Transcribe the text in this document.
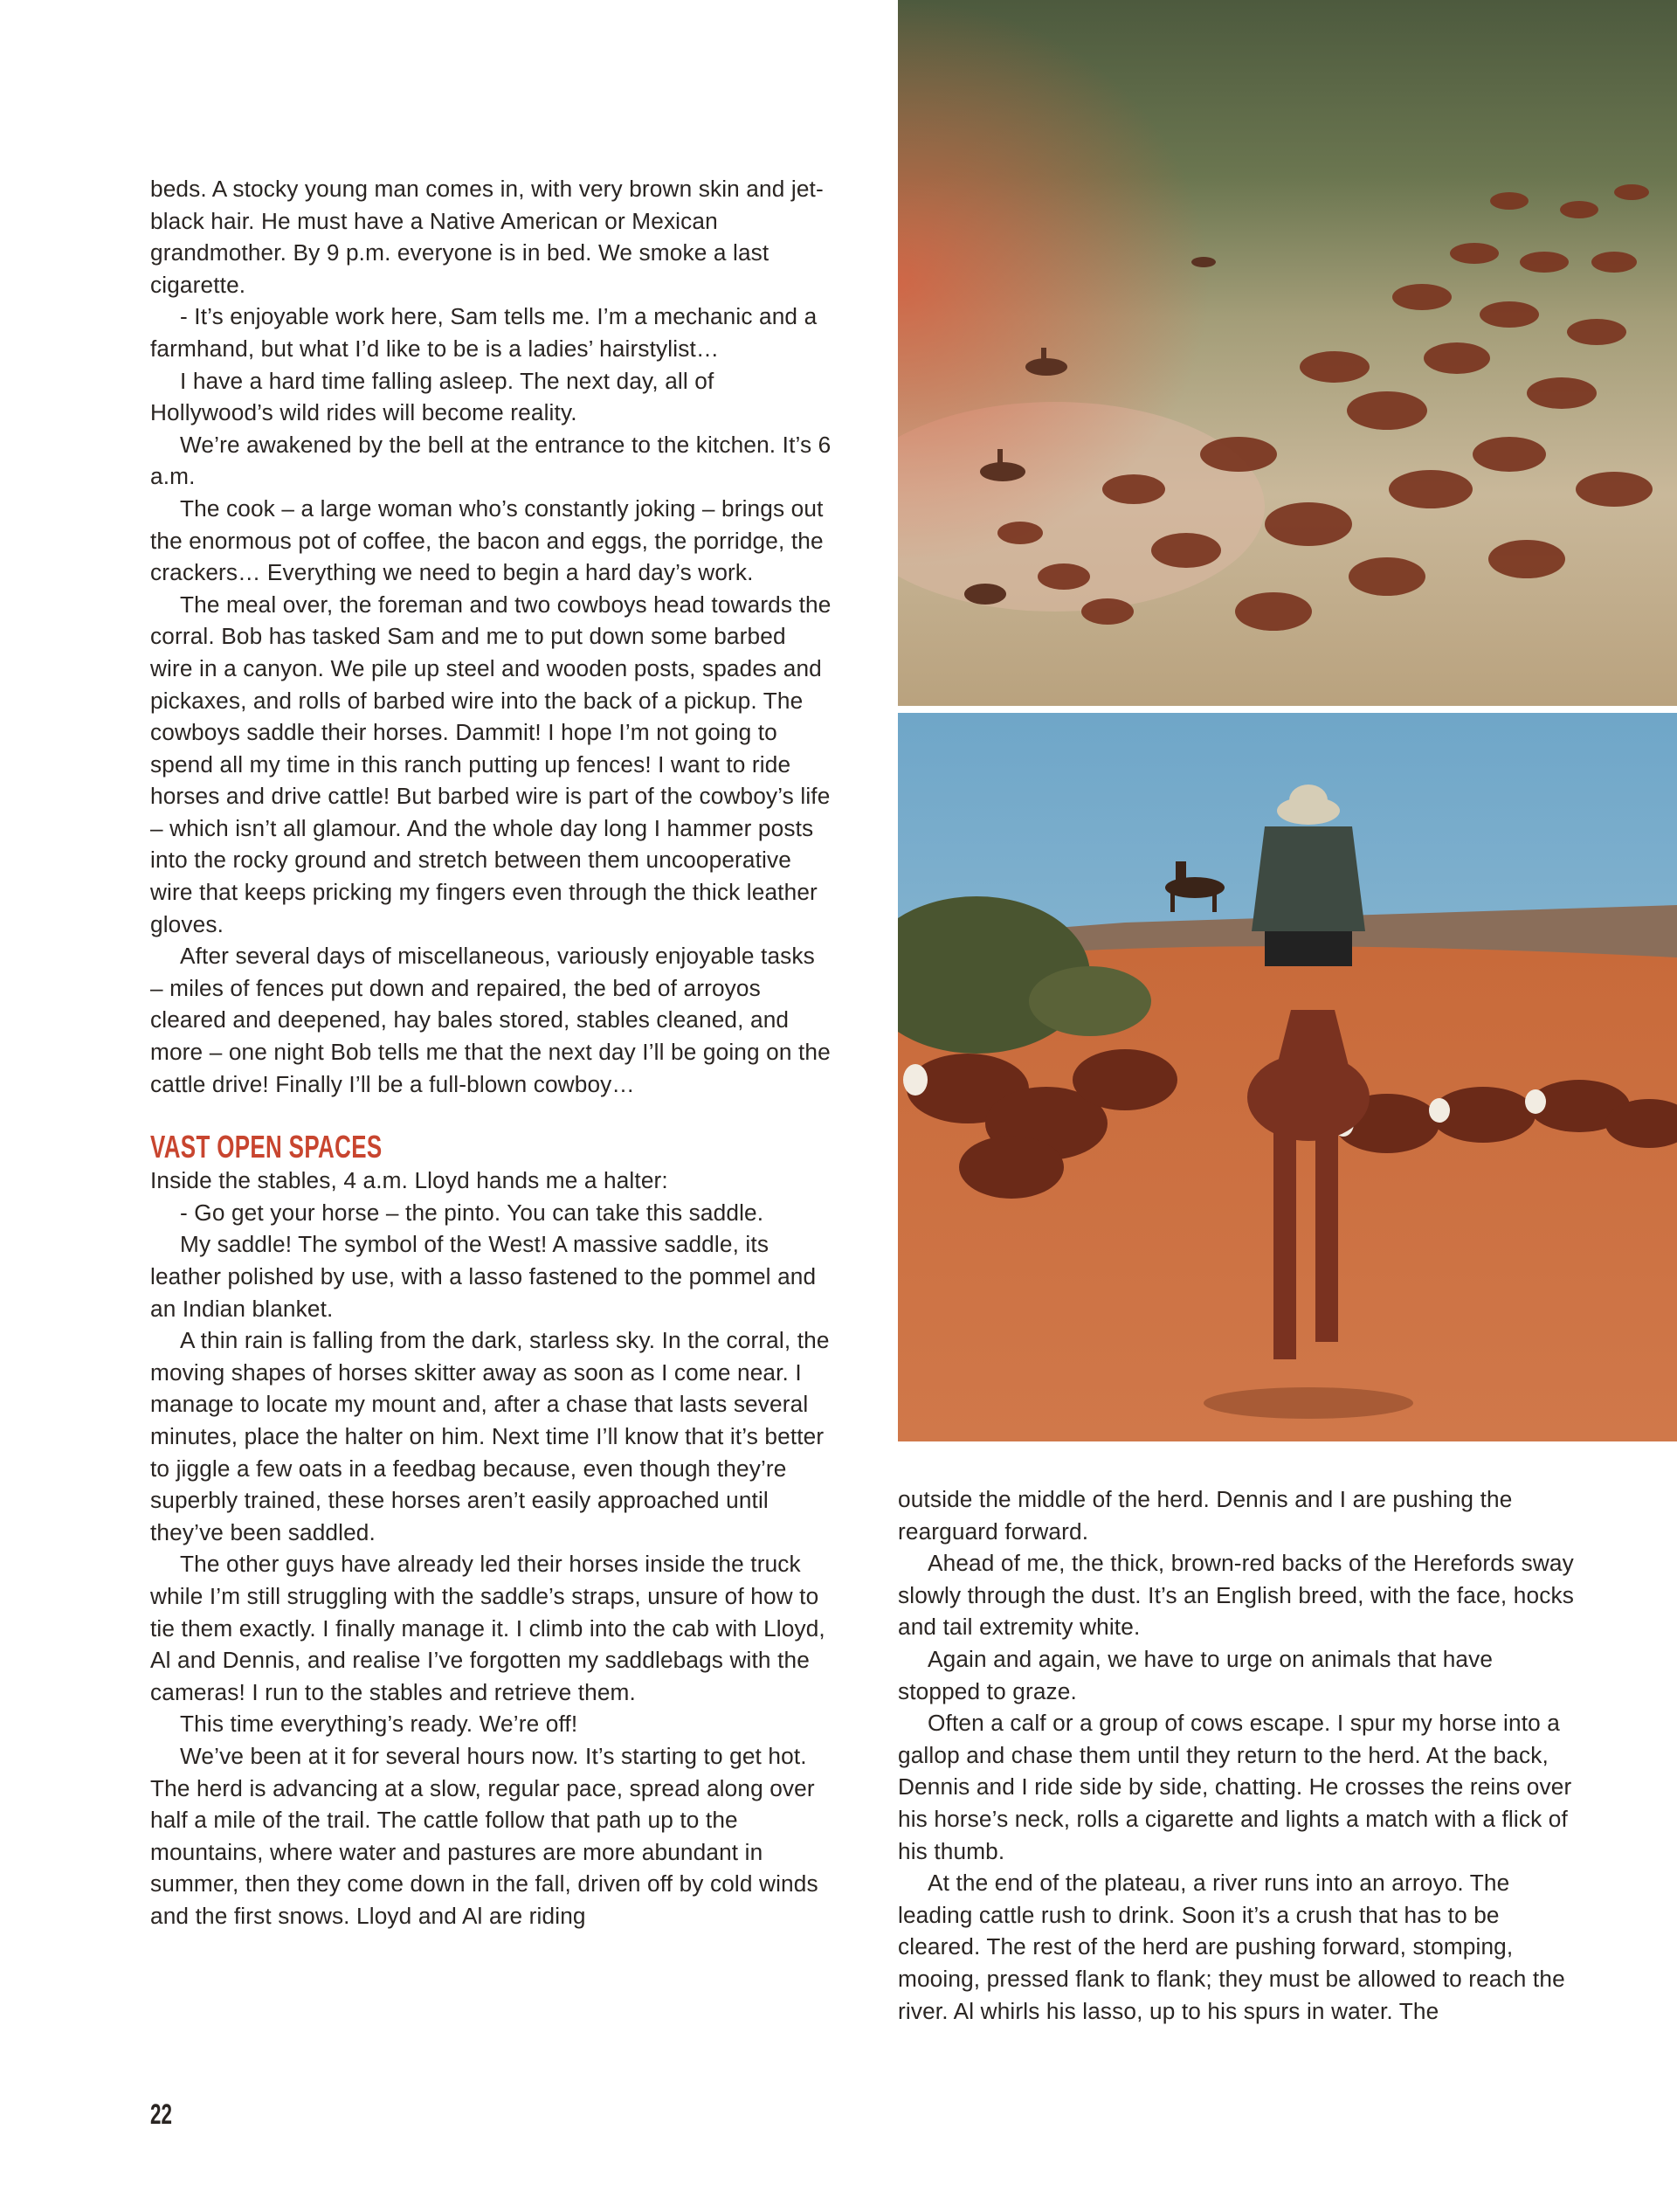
beds. A stocky young man comes in, with very brown skin and jet-black hair. He must have a Native American or Mexican grandmother. By 9 p.m. everyone is in bed. We smoke a last cigarette.

- It’s enjoyable work here, Sam tells me. I’m a mechanic and a farmhand, but what I’d like to be is a ladies’ hairstylist…

I have a hard time falling asleep. The next day, all of Hollywood’s wild rides will become reality.

We’re awakened by the bell at the entrance to the kitchen. It’s 6 a.m.

The cook – a large woman who’s constantly joking – brings out the enormous pot of coffee, the bacon and eggs, the porridge, the crackers… Everything we need to begin a hard day’s work.

The meal over, the foreman and two cowboys head towards the corral. Bob has tasked Sam and me to put down some barbed wire in a canyon. We pile up steel and wooden posts, spades and pickaxes, and rolls of barbed wire into the back of a pickup. The cowboys saddle their horses. Dammit! I hope I’m not going to spend all my time in this ranch putting up fences! I want to ride horses and drive cattle! But barbed wire is part of the cowboy’s life – which isn’t all glamour. And the whole day long I hammer posts into the rocky ground and stretch between them uncooperative wire that keeps pricking my fingers even through the thick leather gloves.

After several days of miscellaneous, variously enjoyable tasks – miles of fences put down and repaired, the bed of arroyos cleared and deepened, hay bales stored, stables cleaned, and more – one night Bob tells me that the next day I’ll be going on the cattle drive! Finally I’ll be a full-blown cowboy…

VAST OPEN SPACES

Inside the stables, 4 a.m. Lloyd hands me a halter:

- Go get your horse – the pinto. You can take this saddle.

My saddle! The symbol of the West! A massive saddle, its leather polished by use, with a lasso fastened to the pommel and an Indian blanket.

A thin rain is falling from the dark, starless sky. In the corral, the moving shapes of horses skitter away as soon as I come near. I manage to locate my mount and, after a chase that lasts several minutes, place the halter on him. Next time I’ll know that it’s better to jiggle a few oats in a feedbag because, even though they’re superbly trained, these horses aren’t easily approached until they’ve been saddled.

The other guys have already led their horses inside the truck while I’m still struggling with the saddle’s straps, unsure of how to tie them exactly. I finally manage it. I climb into the cab with Lloyd, Al and Dennis, and realise I’ve forgotten my saddlebags with the cameras! I run to the stables and retrieve them.

This time everything’s ready. We’re off!

We’ve been at it for several hours now. It’s starting to get hot. The herd is advancing at a slow, regular pace, spread along over half a mile of the trail. The cattle follow that path up to the mountains, where water and pastures are more abundant in summer, then they come down in the fall, driven off by cold winds and the first snows. Lloyd and Al are riding

outside the middle of the herd. Dennis and I are pushing the rearguard forward.

Ahead of me, the thick, brown-red backs of the Herefords sway slowly through the dust. It’s an English breed, with the face, hocks and tail extremity white.

Again and again, we have to urge on animals that have stopped to graze.

Often a calf or a group of cows escape. I spur my horse into a gallop and chase them until they return to the herd. At the back, Dennis and I ride side by side, chatting. He crosses the reins over his horse’s neck, rolls a cigarette and lights a match with a flick of his thumb.

At the end of the plateau, a river runs into an arroyo. The leading cattle rush to drink. Soon it’s a crush that has to be cleared. The rest of the herd are pushing forward, stomping, mooing, pressed flank to flank; they must be allowed to reach the river. Al whirls his lasso, up to his spurs in water. The

22
